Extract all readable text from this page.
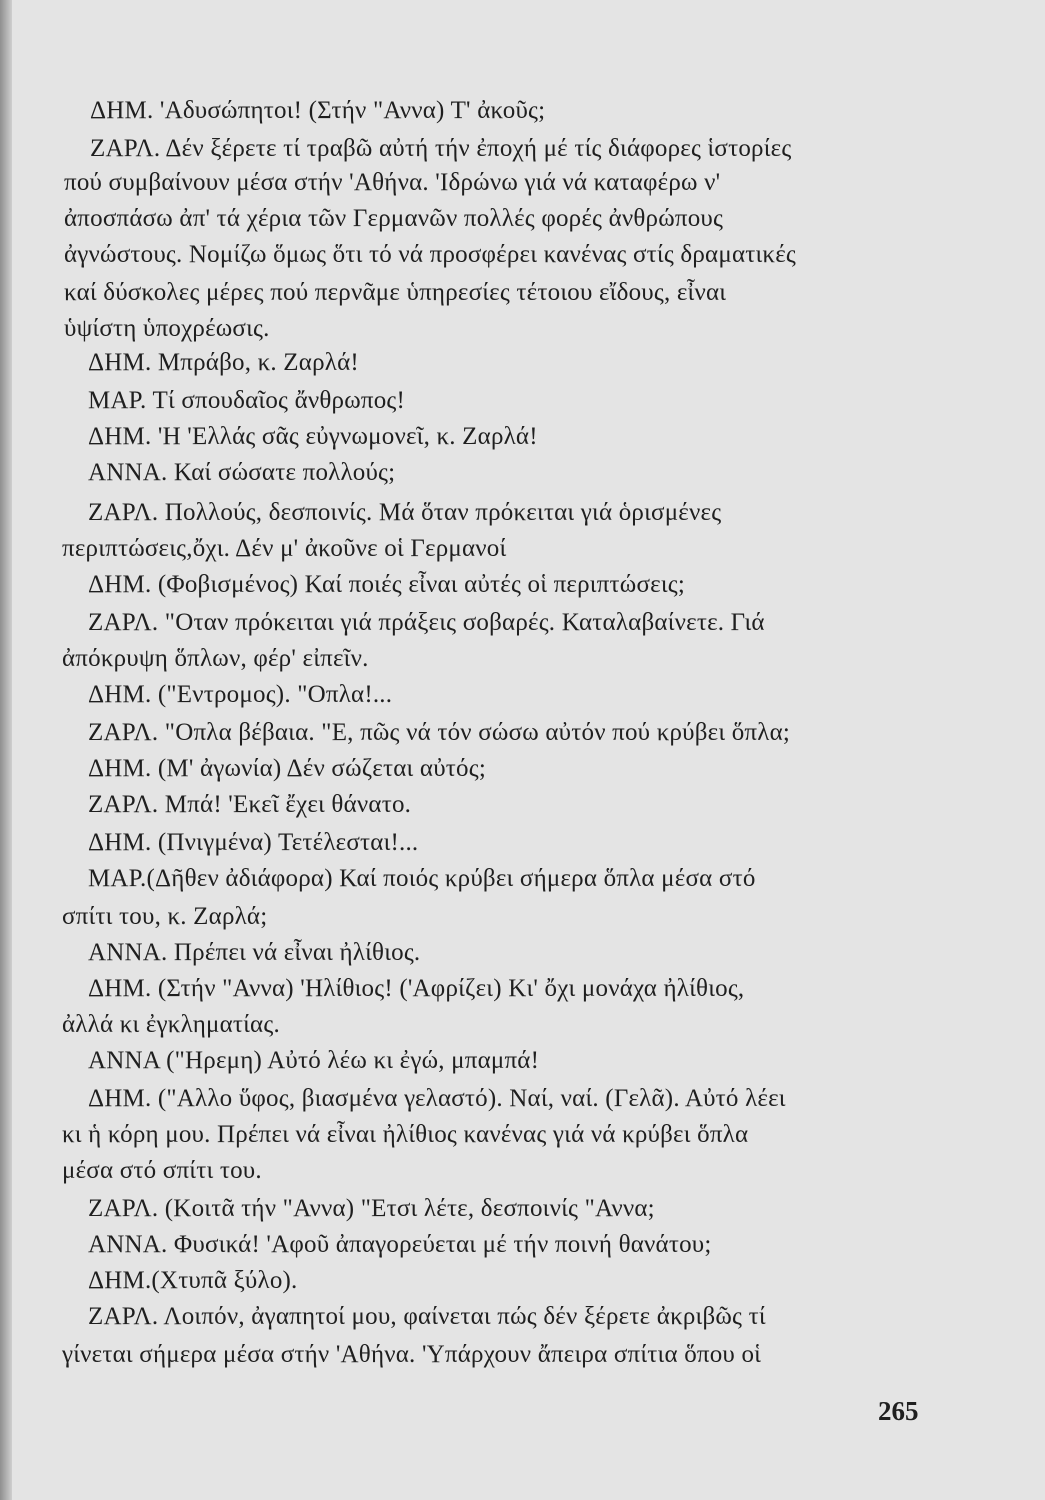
ΔΗΜ. 'Αδυσώπητοι! (Στήν "Αννα) Τ' ἀκοῦς;
ΖΑΡΛ. Δέν ξέρετε τί τραβῶ αὐτή τήν ἐποχή μέ τίς διάφορες ἱστορίες
πού συμβαίνουν μέσα στήν 'Αθήνα. 'Ιδρώνω γιά νά καταφέρω ν'
ἀποσπάσω ἀπ' τά χέρια τῶν Γερμανῶν πολλές φορές ἀνθρώπους
ἀγνώστους. Νομίζω ὅμως ὅτι τό νά προσφέρει κανένας στίς δραματικές
καί δύσκολες μέρες πού περνᾶμε ὑπηρεσίες τέτοιου εἴδους, εἶναι
ὑψίστη ὑποχρέωσις.
ΔΗΜ. Μπράβο, κ. Ζαρλά!
ΜΑΡ. Τί σπουδαῖος ἄνθρωπος!
ΔΗΜ. 'Η 'Ελλάς σᾶς εὐγνωμονεῖ, κ. Ζαρλά!
ΑΝΝΑ. Καί σώσατε πολλούς;
ΖΑΡΛ. Πολλούς, δεσποινίς. Μά ὅταν πρόκειται γιά ὁρισμένες
περιπτώσεις,ὄχι. Δέν μ' ἀκοῦνε οἱ Γερμανοί
ΔΗΜ. (Φοβισμένος) Καί ποιές εἶναι αὐτές οἱ περιπτώσεις;
ΖΑΡΛ. "Οταν πρόκειται γιά πράξεις σοβαρές. Καταλαβαίνετε. Γιά
ἀπόκρυψη ὅπλων, φέρ' εἰπεῖν.
ΔΗΜ. ("Εντρομος). "Οπλα!...
ΖΑΡΛ. "Οπλα βέβαια. "Ε, πῶς νά τόν σώσω αὐτόν πού κρύβει ὅπλα;
ΔΗΜ. (Μ' ἀγωνία) Δέν σώζεται αὐτός;
ΖΑΡΛ. Μπά! 'Εκεῖ ἔχει θάνατο.
ΔΗΜ. (Πνιγμένα) Τετέλεσται!...
ΜΑΡ.(Δῆθεν ἀδιάφορα) Καί ποιός κρύβει σήμερα ὅπλα μέσα στό
σπίτι του, κ. Ζαρλά;
ΑΝΝΑ. Πρέπει νά εἶναι ἠλίθιος.
ΔΗΜ. (Στήν "Αννα) 'Ηλίθιος! ('Αφρίζει) Κι' ὄχι μονάχα ἠλίθιος,
ἀλλά κι ἐγκληματίας.
ΑΝΝΑ ("Ηρεμη) Αὐτό λέω κι ἐγώ, μπαμπά!
ΔΗΜ. ("Αλλο ὕφος, βιασμένα γελαστό). Ναί, ναί. (Γελᾶ). Αὐτό λέει
κι ἡ κόρη μου. Πρέπει νά εἶναι ἠλίθιος κανένας γιά νά κρύβει ὅπλα
μέσα στό σπίτι του.
ΖΑΡΛ. (Κοιτᾶ τήν "Αννα) "Ετσι λέτε, δεσποινίς "Αννα;
ΑΝΝΑ. Φυσικά! 'Αφοῦ ἀπαγορεύεται μέ τήν ποινή θανάτου;
ΔΗΜ.(Χτυπᾶ ξύλο).
ΖΑΡΛ. Λοιπόν, ἀγαπητοί μου, φαίνεται πώς δέν ξέρετε ἀκριβῶς τί
γίνεται σήμερα μέσα στήν 'Αθήνα. 'Υπάρχουν ἄπειρα σπίτια ὅπου οἱ
265
